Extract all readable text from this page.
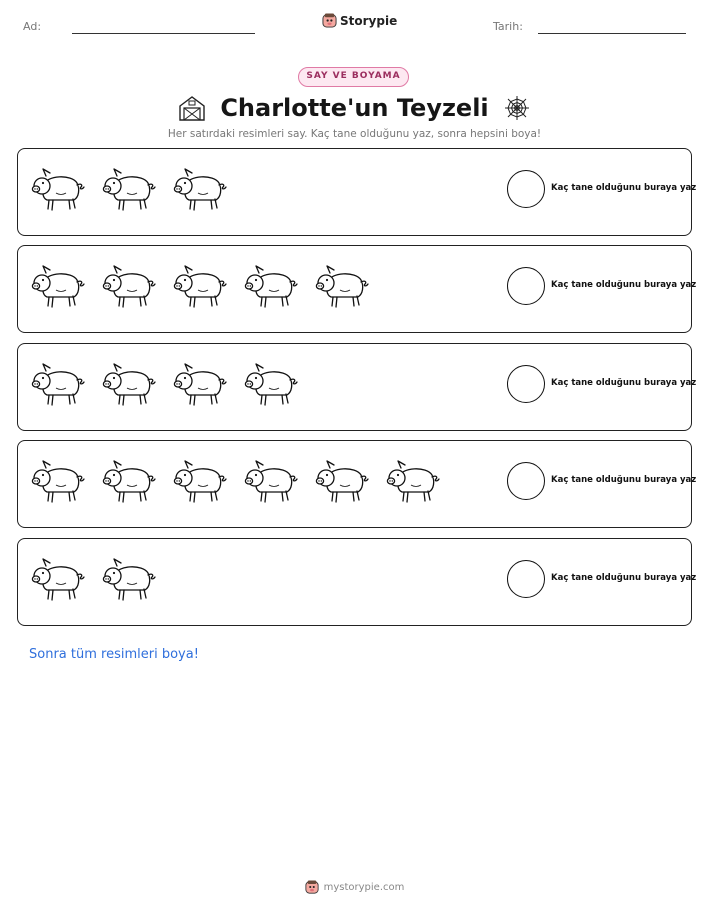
Ad:	Storypie	Tarih:
SAY VE BOYAMA
Charlotte'un Teyzeli
Her satırdaki resimleri say. Kaç tane olduğunu yaz, sonra hepsini boya!
Kaç tane olduğunu buraya yaz
Kaç tane olduğunu buraya yaz
Kaç tane olduğunu buraya yaz
Kaç tane olduğunu buraya yaz
Kaç tane olduğunu buraya yaz
Sonra tüm resimleri boya!
mystorypie.com
